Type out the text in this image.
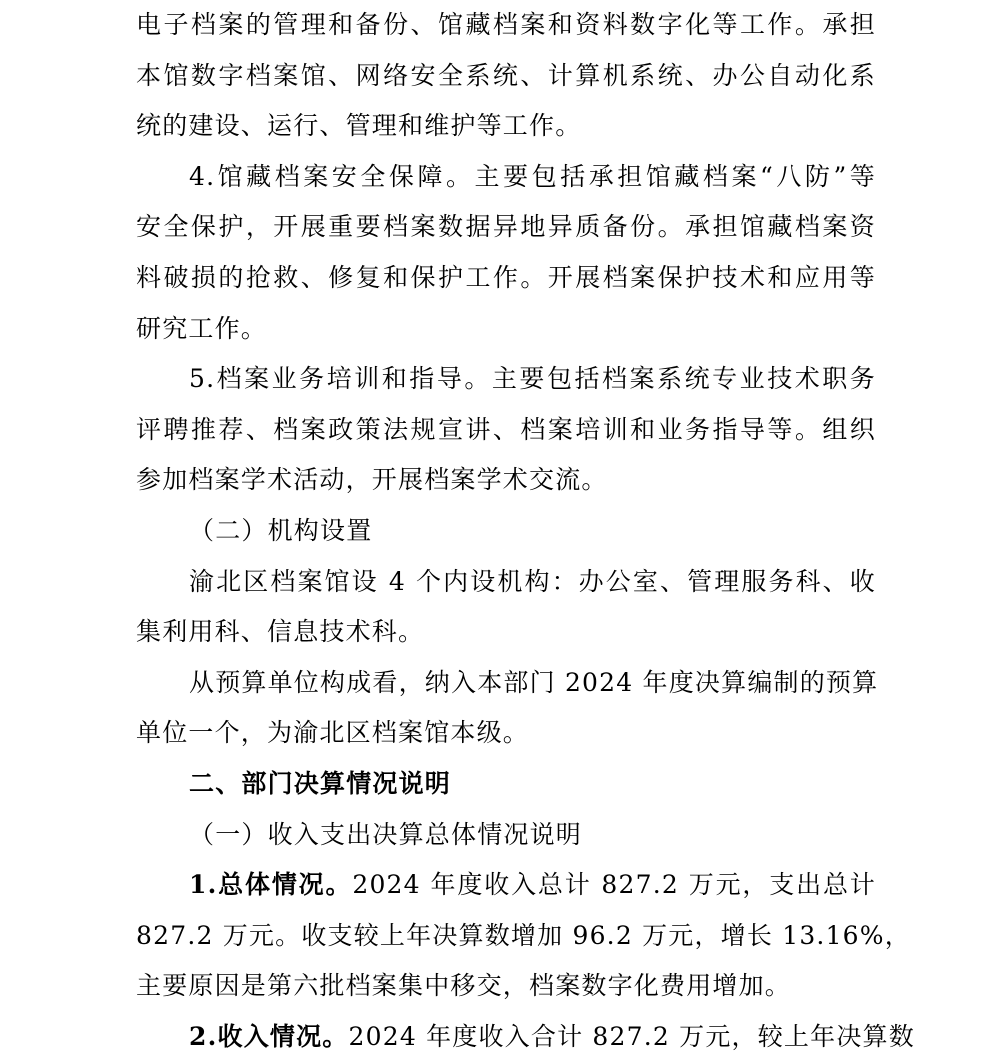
电子档案的管理和备份、馆藏档案和资料数字化等工作。承担
本馆数字档案馆、网络安全系统、计算机系统、办公自动化系
统的建设、运行、管理和维护等工作。
4.馆藏档案安全保障。主要包括承担馆藏档案“八防”等
安全保护，开展重要档案数据异地异质备份。承担馆藏档案资
料破损的抢救、修复和保护工作。开展档案保护技术和应用等
研究工作。
5.档案业务培训和指导。主要包括档案系统专业技术职务
评聘推荐、档案政策法规宣讲、档案培训和业务指导等。组织
参加档案学术活动，开展档案学术交流。
（二）机构设置
渝北区档案馆设 4 个内设机构：办公室、管理服务科、收
集利用科、信息技术科。
从预算单位构成看，纳入本部门 2024 年度决算编制的预算
单位一个，为渝北区档案馆本级。
二、部门决算情况说明
（一）收入支出决算总体情况说明
1.总体情况。2024 年度收入总计 827.2 万元，支出总计
827.2 万元。收支较上年决算数增加 96.2 万元，增长 13.16%，
主要原因是第六批档案集中移交，档案数字化费用增加。
2.收入情况。2024 年度收入合计 827.2 万元，较上年决算数
